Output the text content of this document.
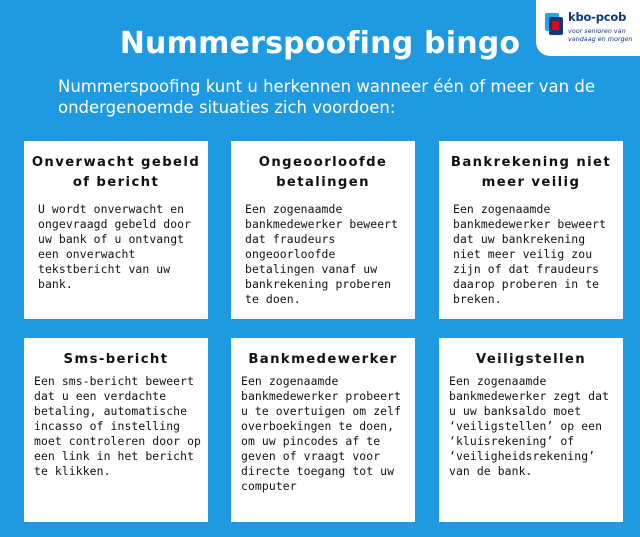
Nummerspoofing bingo

Nummerspoofing kunt u herkennen wanneer één of meer van de ondergenoemde situaties zich voordoen:

kbo-pcob
voor senioren van vandaag en morgen
Onverwacht gebeld of bericht
U wordt onverwacht en ongevraagd gebeld door uw bank of u ontvangt een onverwacht tekstbericht van uw bank.
Ongeoorloofde betalingen
Een zogenaamde bankmedewerker beweert dat fraudeurs ongeoorloofde betalingen vanaf uw bankrekening proberen te doen.
Bankrekening niet meer veilig
Een zogenaamde bankmedewerker beweert dat uw bankrekening niet meer veilig zou zijn of dat fraudeurs daarop proberen in te breken.
Sms-bericht
Een sms-bericht beweert dat u een verdachte betaling, automatische incasso of instelling moet controleren door op een link in het bericht te klikken.
Bankmedewerker
Een zogenaamde bankmedewerker probeert u te overtuigen om zelf overboekingen te doen, om uw pincodes af te geven of vraagt voor directe toegang tot uw computer
Veiligstellen
Een zogenaamde bankmedewerker zegt dat u uw banksaldo moet ‘veiligstellen’ op een ‘kluisrekening’ of ‘veiligheidsrekening’ van de bank.
